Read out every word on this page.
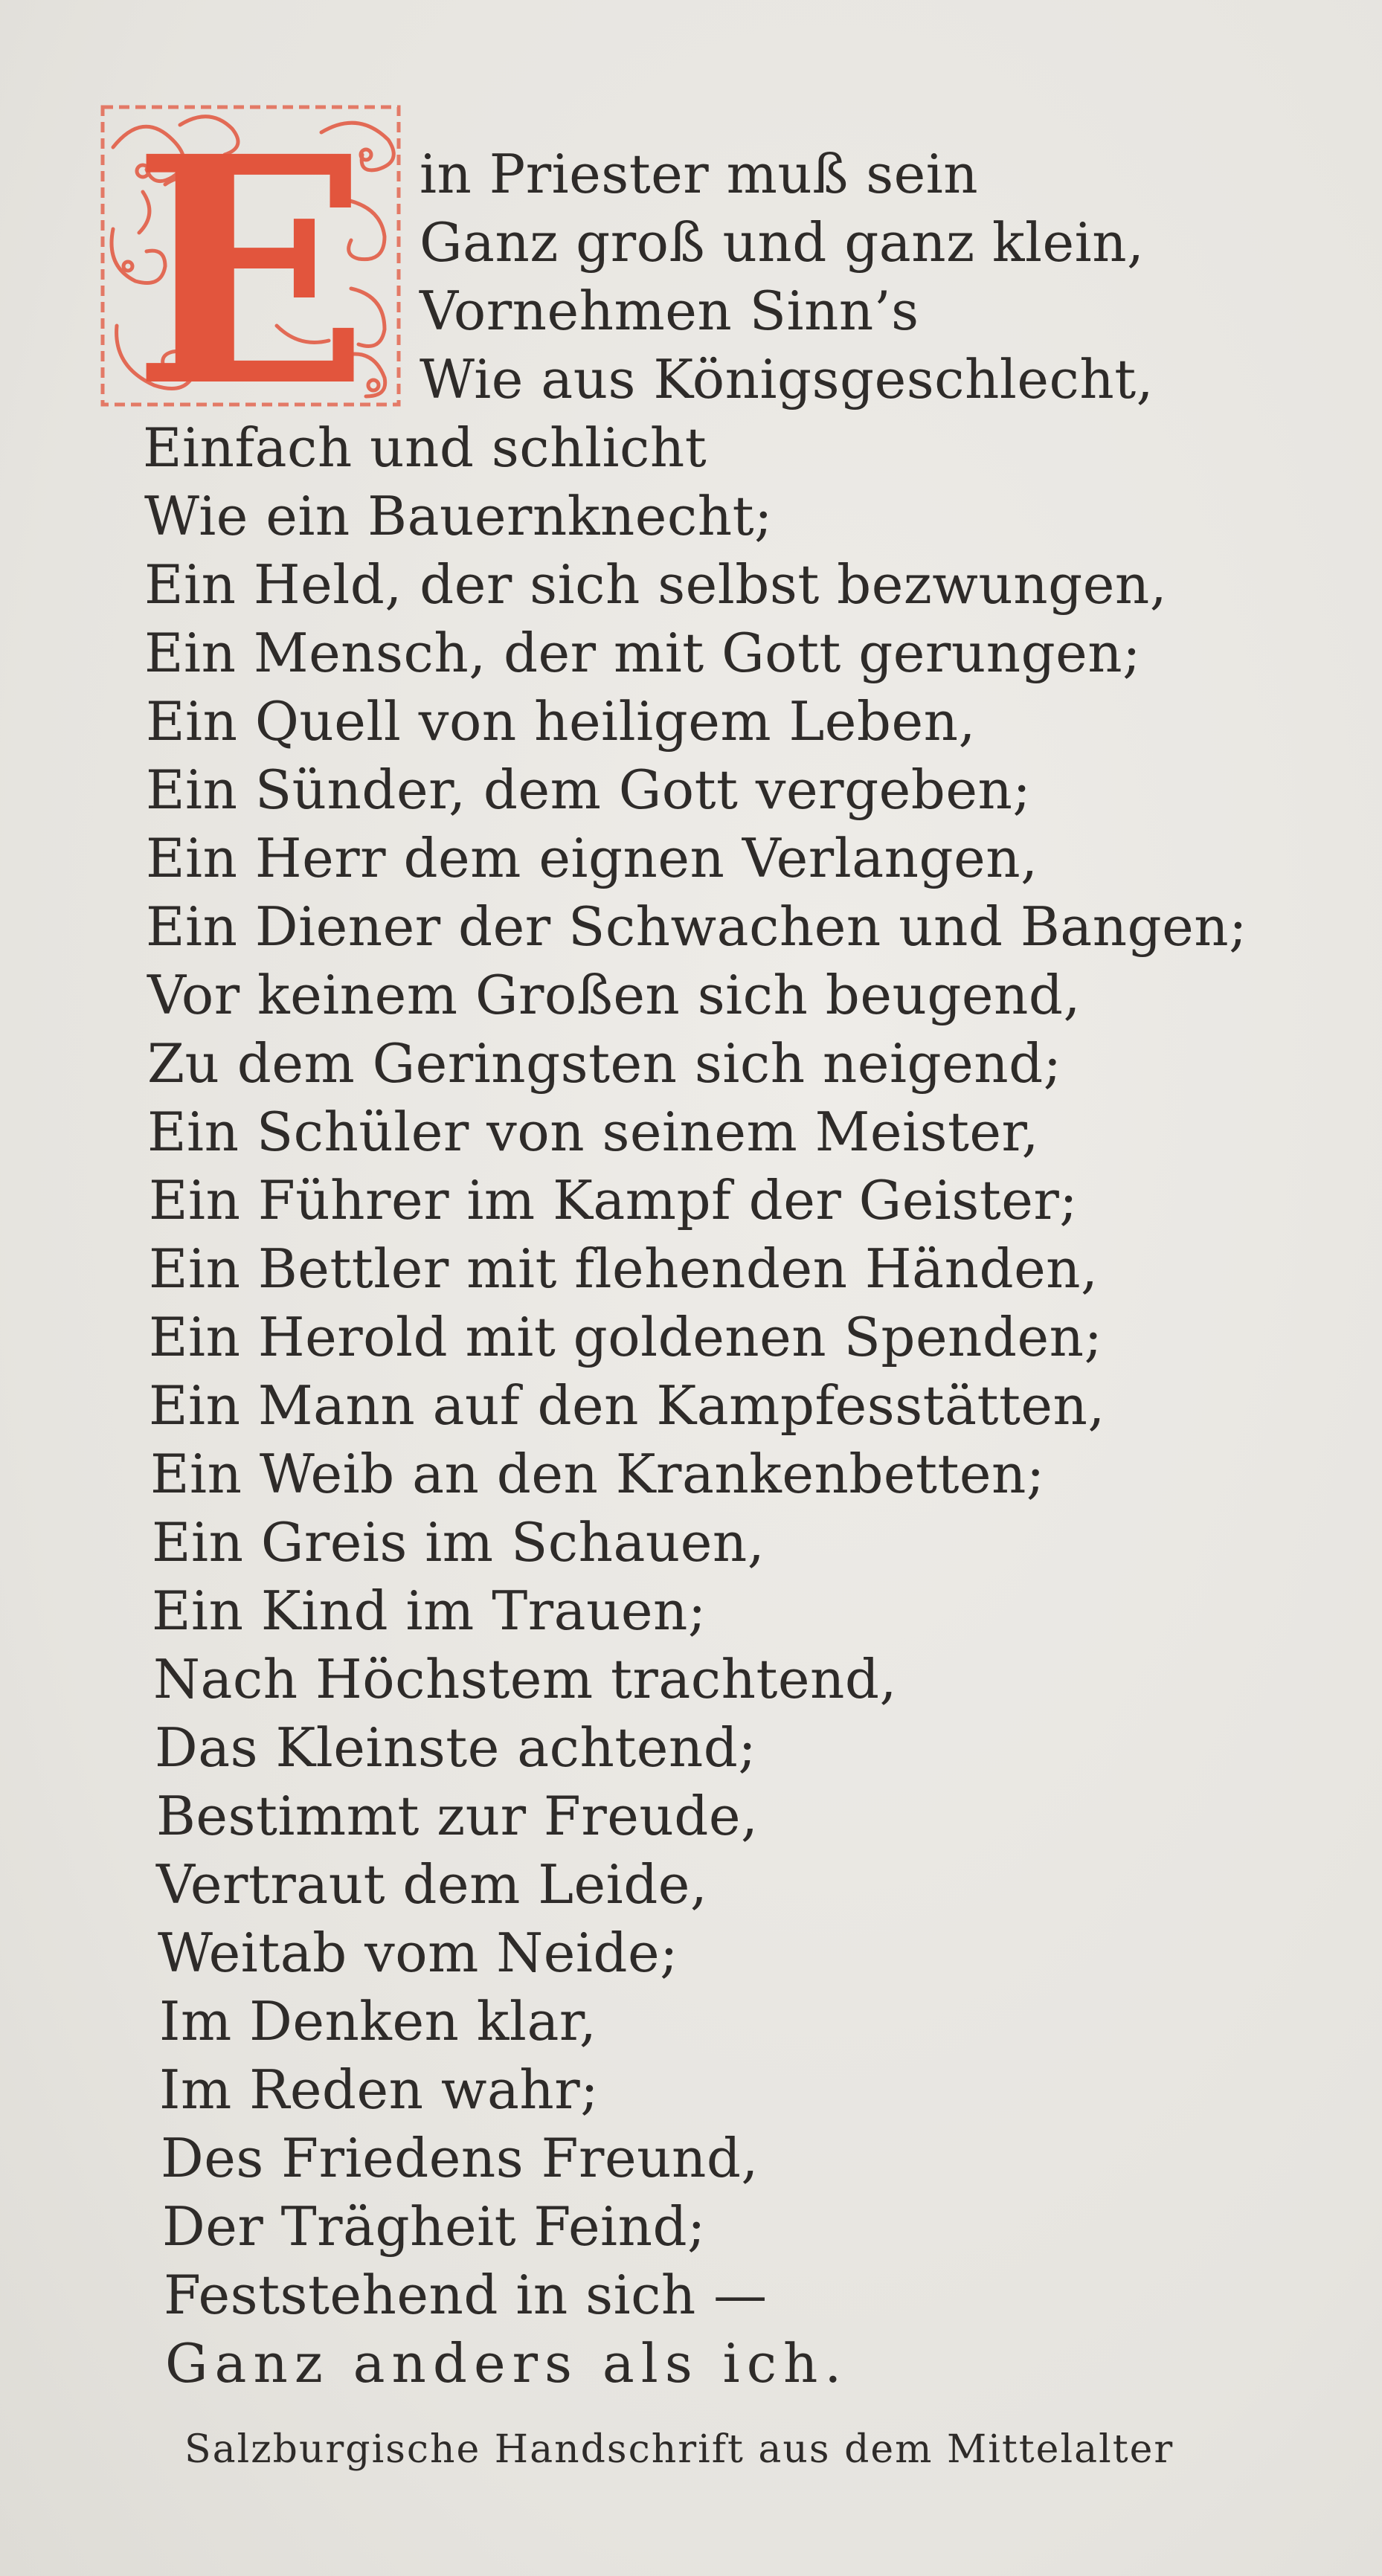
E in Priester muß sein
Ganz groß und ganz klein,
Vornehmen Sinn’s
Wie aus Königsgeschlecht,
Einfach und schlicht
Wie ein Bauernknecht;
Ein Held, der sich selbst bezwungen,
Ein Mensch, der mit Gott gerungen;
Ein Quell von heiligem Leben,
Ein Sünder, dem Gott vergeben;
Ein Herr dem eignen Verlangen,
Ein Diener der Schwachen und Bangen;
Vor keinem Großen sich beugend,
Zu dem Geringsten sich neigend;
Ein Schüler von seinem Meister,
Ein Führer im Kampf der Geister;
Ein Bettler mit flehenden Händen,
Ein Herold mit goldenen Spenden;
Ein Mann auf den Kampfesstätten,
Ein Weib an den Krankenbetten;
Ein Greis im Schauen,
Ein Kind im Trauen;
Nach Höchstem trachtend,
Das Kleinste achtend;
Bestimmt zur Freude,
Vertraut dem Leide,
Weitab vom Neide;
Im Denken klar,
Im Reden wahr;
Des Friedens Freund,
Der Trägheit Feind;
Feststehend in sich —
Ganz anders als ich.
Salzburgische Handschrift aus dem Mittelalter
